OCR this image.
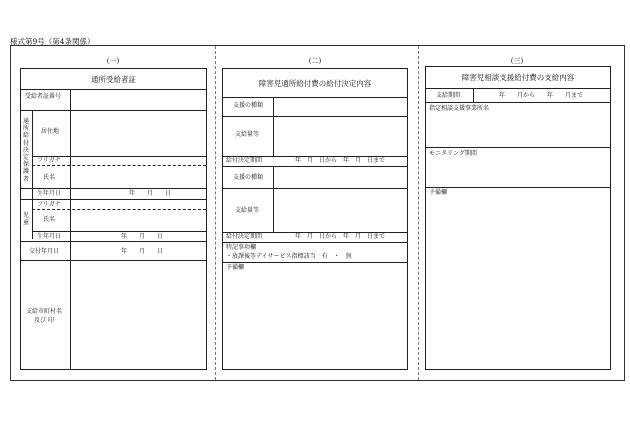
様式第9号（第4条関係）
(一)	(二)	(三)
通所受給者証
受給者証番号
通所給付決定保護者
居住地
フリガナ
氏名
生年月日	年　　月　　日
児童
フリガナ
氏名
生年月日	年　　月　　日
交付年月日	年　　月　　日
支給市町村名
及び 印
障害児通所給付費の給付決定内容
支援の種類
支給量等
給付決定期間	年　月　日から　年　月　日まで
支援の種類
支給量等
給付決定期間	年　月　日から　年　月　日まで
特記事項欄
・放課後等デイサービス指標該当　有　・　無
予備欄
障害児相談支援給付費の支給内容
支給期間	年　　月から　　年　　月まで
指定相談支援事業所名
モニタリング期間
予備欄
